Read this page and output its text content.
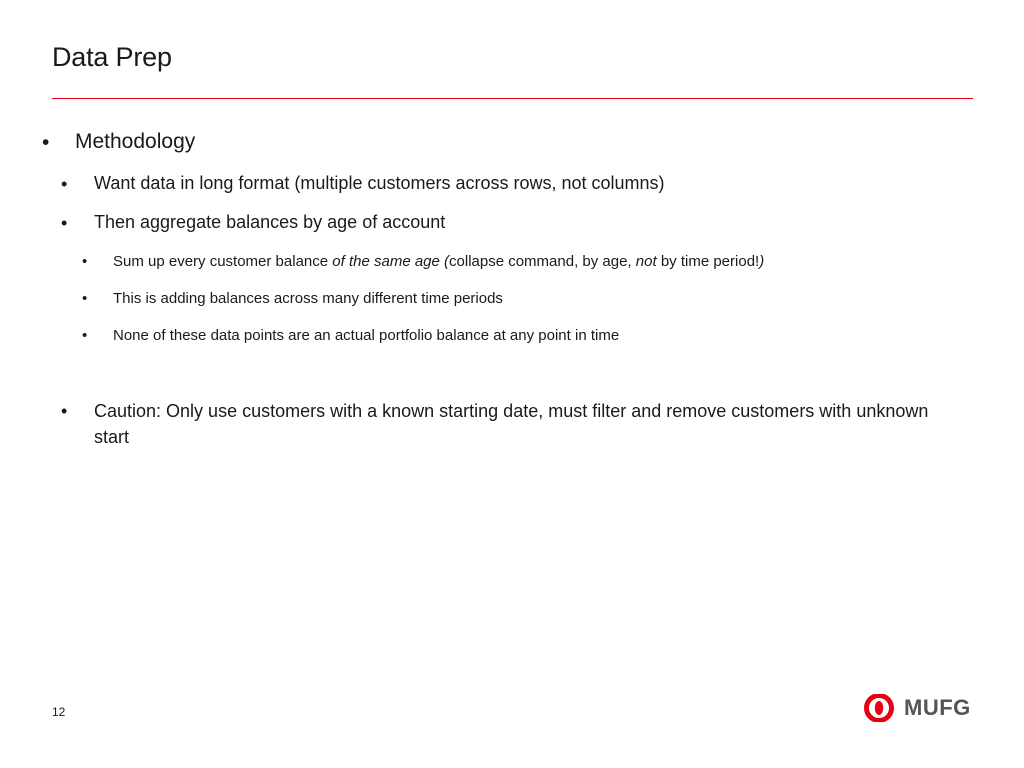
Data Prep
• Methodology
• Want data in long format (multiple customers across rows, not columns)
• Then aggregate balances by age of account
• Sum up every customer balance of the same age (collapse command, by age, not by time period!)
• This is adding balances across many different time periods
• None of these data points are an actual portfolio balance at any point in time
• Caution: Only use customers with a known starting date, must filter and remove customers with unknown start
12	MUFG
